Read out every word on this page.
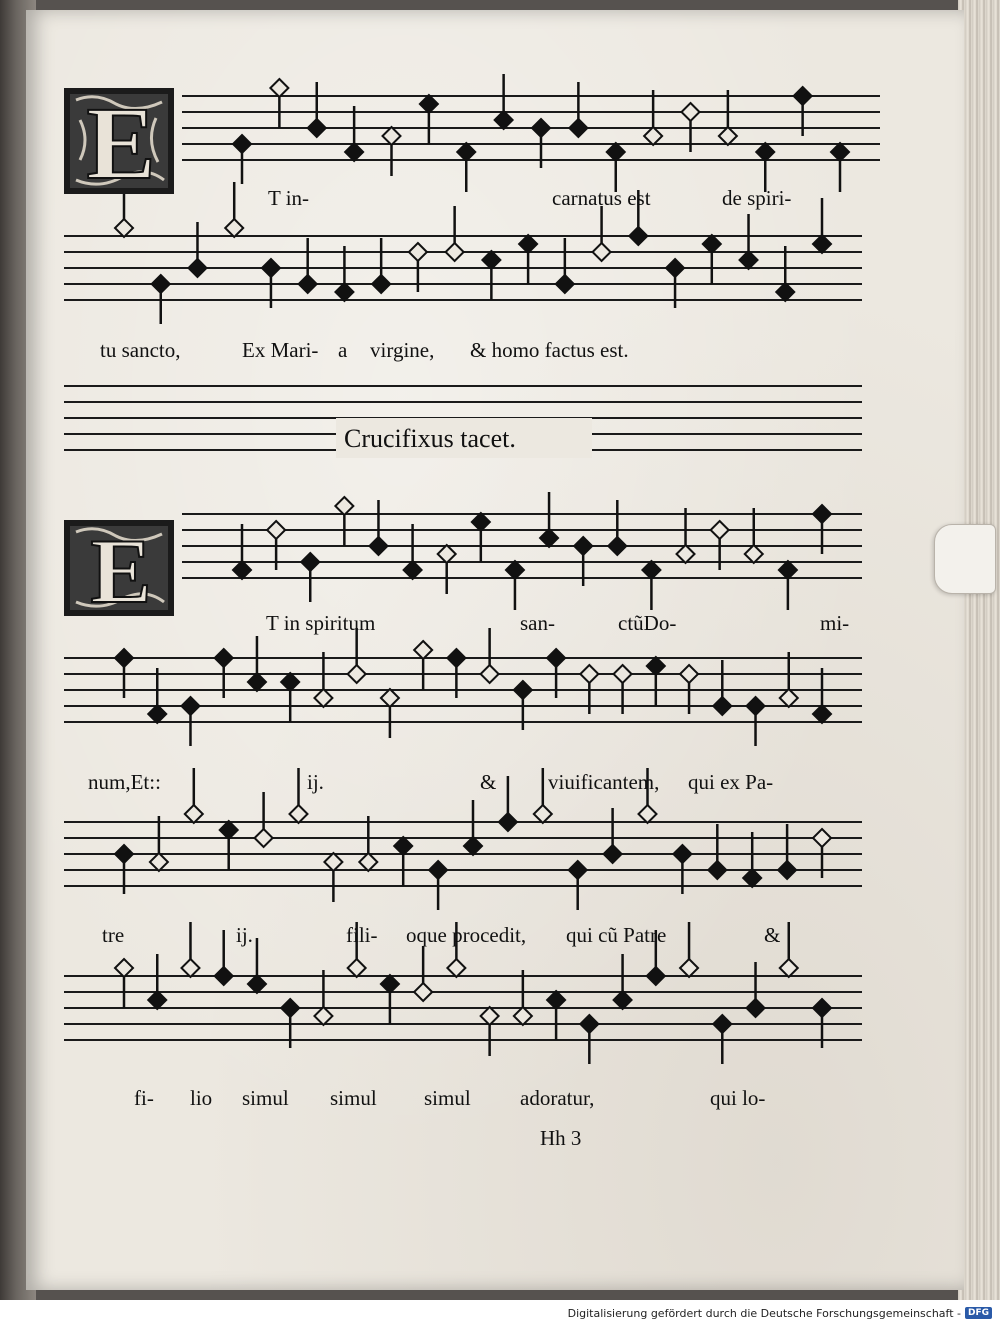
E
E
T in-	carnatus est	de spiri-
tu sancto,	Ex Mari- a virgine, & homo factus est.
Crucifixus tacet.
T in spiritum	san-	ctũDo-	mi-
num,Et::	ij.	& viuificantem, qui ex Pa-
tre	ij.	fili- oque procedit, qui cũ Patre	&
fi- lio simul simul simul adoratur,	qui lo-
Hh 3
Digitalisierung gefördert durch die Deutsche Forschungsgemeinschaft - DFG
